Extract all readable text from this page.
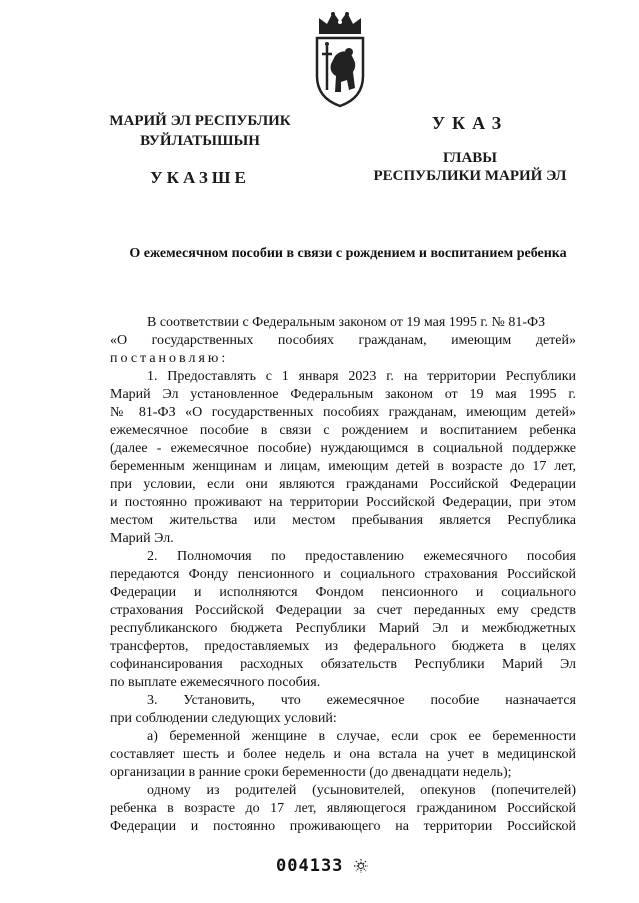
МАРИЙ ЭЛ РЕСПУБЛИК
ВУЙЛАТЫШЫН
УКАЗШЕ
УКАЗ
ГЛАВЫ
РЕСПУБЛИКИ МАРИЙ ЭЛ
О ежемесячном пособии в связи с рождением и воспитанием ребенка
В соответствии с Федеральным законом от 19 мая 1995 г. № 81-ФЗ
«О государственных пособиях гражданам, имеющим детей»
постановляю:
1. Предоставлять с 1 января 2023 г. на территории Республики
Марий Эл установленное Федеральным законом от 19 мая 1995 г.
№ 81-ФЗ «О государственных пособиях гражданам, имеющим детей»
ежемесячное пособие в связи с рождением и воспитанием ребенка
(далее - ежемесячное пособие) нуждающимся в социальной поддержке
беременным женщинам и лицам, имеющим детей в возрасте до 17 лет,
при условии, если они являются гражданами Российской Федерации
и постоянно проживают на территории Российской Федерации, при этом
местом жительства или местом пребывания является Республика
Марий Эл.
2. Полномочия по предоставлению ежемесячного пособия
передаются Фонду пенсионного и социального страхования Российской
Федерации и исполняются Фондом пенсионного и социального
страхования Российской Федерации за счет переданных ему средств
республиканского бюджета Республики Марий Эл и межбюджетных
трансфертов, предоставляемых из федерального бюджета в целях
софинансирования расходных обязательств Республики Марий Эл
по выплате ежемесячного пособия.
3. Установить, что ежемесячное пособие назначается
при соблюдении следующих условий:
а) беременной женщине в случае, если срок ее беременности
составляет шесть и более недель и она встала на учет в медицинской
организации в ранние сроки беременности (до двенадцати недель);
одному из родителей (усыновителей, опекунов (попечителей)
ребенка в возрасте до 17 лет, являющегося гражданином Российской
Федерации и постоянно проживающего на территории Российской
004133
